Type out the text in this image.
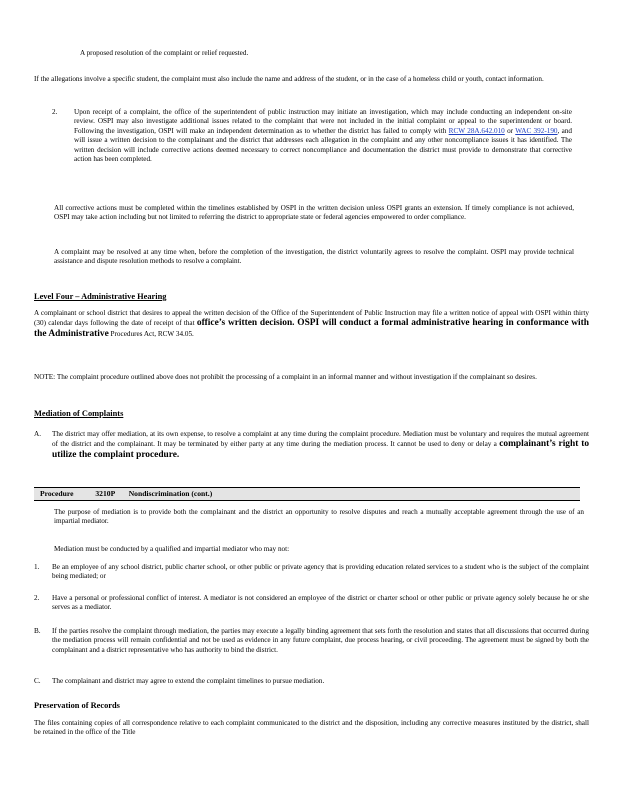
A proposed resolution of the complaint or relief requested.
If the allegations involve a specific student, the complaint must also include the name and address of the student, or in the case of a homeless child or youth, contact information.
2.	Upon receipt of a complaint, the office of the superintendent of public instruction may initiate an investigation, which may include conducting an independent on-site review. OSPI may also investigate additional issues related to the complaint that were not included in the initial complaint or appeal to the superintendent or board. Following the investigation, OSPI will make an independent determination as to whether the district has failed to comply with RCW 28A.642.010 or WAC 392-190, and will issue a written decision to the complainant and the district that addresses each allegation in the complaint and any other noncompliance issues it has identified. The written decision will include corrective actions deemed necessary to correct noncompliance and documentation the district must provide to demonstrate that corrective action has been completed.
All corrective actions must be completed within the timelines established by OSPI in the written decision unless OSPI grants an extension. If timely compliance is not achieved, OSPI may take action including but not limited to referring the district to appropriate state or federal agencies empowered to order compliance.
A complaint may be resolved at any time when, before the completion of the investigation, the district voluntarily agrees to resolve the complaint. OSPI may provide technical assistance and dispute resolution methods to resolve a complaint.
Level Four – Administrative Hearing
A complainant or school district that desires to appeal the written decision of the Office of the Superintendent of Public Instruction may file a written notice of appeal with OSPI within thirty (30) calendar days following the date of receipt of that office’s written decision. OSPI will conduct a formal administrative hearing in conformance with the Administrative Procedures Act, RCW 34.05.
NOTE: The complaint procedure outlined above does not prohibit the processing of a complaint in an informal manner and without investigation if the complainant so desires.
Mediation of Complaints
A.	The district may offer mediation, at its own expense, to resolve a complaint at any time during the complaint procedure. Mediation must be voluntary and requires the mutual agreement of the district and the complainant. It may be terminated by either party at any time during the mediation process. It cannot be used to deny or delay a complainant’s right to utilize the complaint procedure.
Procedure	3210P Nondiscrimination (cont.)
The purpose of mediation is to provide both the complainant and the district an opportunity to resolve disputes and reach a mutually acceptable agreement through the use of an impartial mediator.
Mediation must be conducted by a qualified and impartial mediator who may not:
1.	Be an employee of any school district, public charter school, or other public or private agency that is providing education related services to a student who is the subject of the complaint being mediated; or
2.	Have a personal or professional conflict of interest. A mediator is not considered an employee of the district or charter school or other public or private agency solely because he or she serves as a mediator.
B.	If the parties resolve the complaint through mediation, the parties may execute a legally binding agreement that sets forth the resolution and states that all discussions that occurred during the mediation process will remain confidential and not be used as evidence in any future complaint, due process hearing, or civil proceeding. The agreement must be signed by both the complainant and a district representative who has authority to bind the district.
C.	The complainant and district may agree to extend the complaint timelines to pursue mediation.
Preservation of Records
The files containing copies of all correspondence relative to each complaint communicated to the district and the disposition, including any corrective measures instituted by the district, shall be retained in the office of the Title
